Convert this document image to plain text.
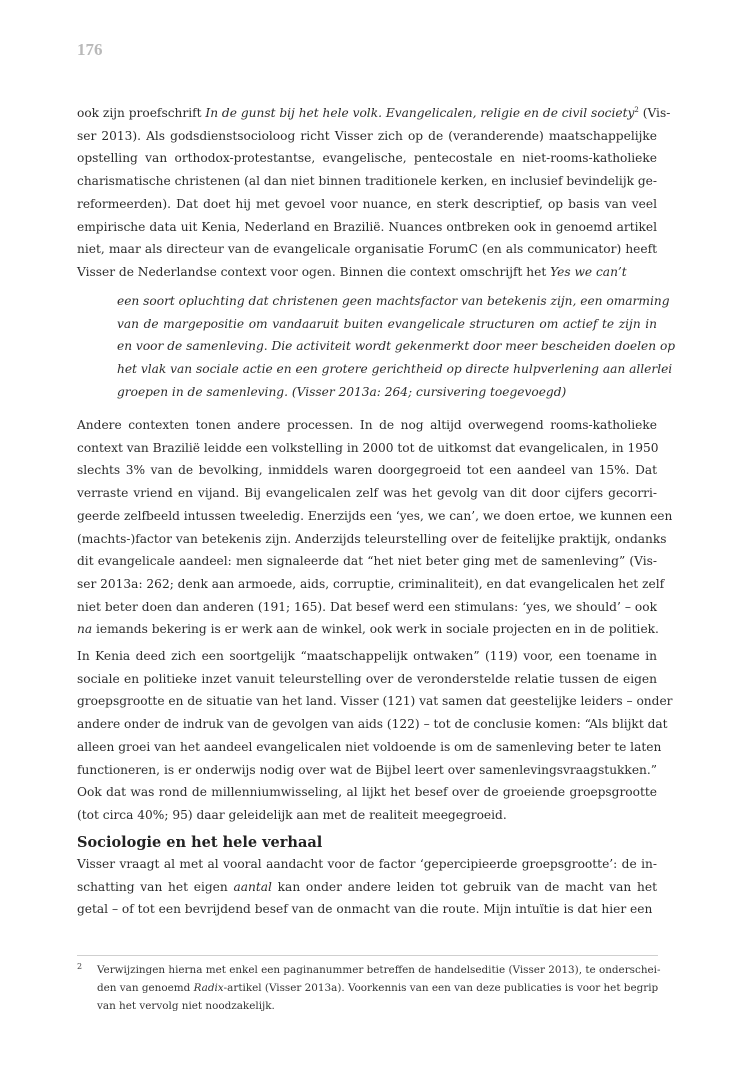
176
ook zijn proefschrift In de gunst bij het hele volk. Evangelicalen, religie en de civil society$^2$ (Vis-
ser 2013). Als godsdienstsocioloog richt Visser zich op de (veranderende) maatschappelijke
opstelling van orthodox-protestantse, evangelische, pentecostale en niet-rooms-katholieke
charismatische christenen (al dan niet binnen traditionele kerken, en inclusief bevindelijk ge-
reformeerden). Dat doet hij met gevoel voor nuance, en sterk descriptief, op basis van veel
empirische data uit Kenia, Nederland en Brazilië. Nuances ontbreken ook in genoemd artikel
niet, maar als directeur van de evangelicale organisatie ForumC (en als communicator) heeft
Visser de Nederlandse context voor ogen. Binnen die context omschrijft het Yes we can’t
een soort opluchting dat christenen geen machtsfactor van betekenis zijn, een omarming
van de margepositie om vandaaruit buiten evangelicale structuren om actief te zijn in
en voor de samenleving. Die activiteit wordt gekenmerkt door meer bescheiden doelen op
het vlak van sociale actie en een grotere gerichtheid op directe hulpverlening aan allerlei
groepen in de samenleving. (Visser 2013a: 264; cursivering toegevoegd)
Andere contexten tonen andere processen. In de nog altijd overwegend rooms-katholieke
context van Brazilië leidde een volkstelling in 2000 tot de uitkomst dat evangelicalen, in 1950
slechts 3% van de bevolking, inmiddels waren doorgegroeid tot een aandeel van 15%. Dat
verraste vriend en vijand. Bij evangelicalen zelf was het gevolg van dit door cijfers gecorri-
geerde zelfbeeld intussen tweeledig. Enerzijds een ‘yes, we can’, we doen ertoe, we kunnen een
(machts-)factor van betekenis zijn. Anderzijds teleurstelling over de feitelijke praktijk, ondanks
dit evangelicale aandeel: men signaleerde dat “het niet beter ging met de samenleving” (Vis-
ser 2013a: 262; denk aan armoede, aids, corruptie, criminaliteit), en dat evangelicalen het zelf
niet beter doen dan anderen (191; 165). Dat besef werd een stimulans: ‘yes, we should’ – ook
na iemands bekering is er werk aan de winkel, ook werk in sociale projecten en in de politiek.
In Kenia deed zich een soortgelijk “maatschappelijk ontwaken” (119) voor, een toename in
sociale en politieke inzet vanuit teleurstelling over de veronderstelde relatie tussen de eigen
groepsgrootte en de situatie van het land. Visser (121) vat samen dat geestelijke leiders – onder
andere onder de indruk van de gevolgen van aids (122) – tot de conclusie komen: “Als blijkt dat
alleen groei van het aandeel evangelicalen niet voldoende is om de samenleving beter te laten
functioneren, is er onderwijs nodig over wat de Bijbel leert over samenlevingsvraagstukken.”
Ook dat was rond de millenniumwisseling, al lijkt het besef over de groeiende groepsgrootte
(tot circa 40%; 95) daar geleidelijk aan met de realiteit meegegroeid.
Sociologie en het hele verhaal
Visser vraagt al met al vooral aandacht voor de factor ‘gepercipieerde groepsgrootte’: de in-
schatting van het eigen aantal kan onder andere leiden tot gebruik van de macht van het
getal – of tot een bevrijdend besef van de onmacht van die route. Mijn intuïtie is dat hier een
2 Verwijzingen hierna met enkel een paginanummer betreffen de handelseditie (Visser 2013), te onderschei-
den van genoemd Radix-artikel (Visser 2013a). Voorkennis van een van deze publicaties is voor het begrip
van het vervolg niet noodzakelijk.
